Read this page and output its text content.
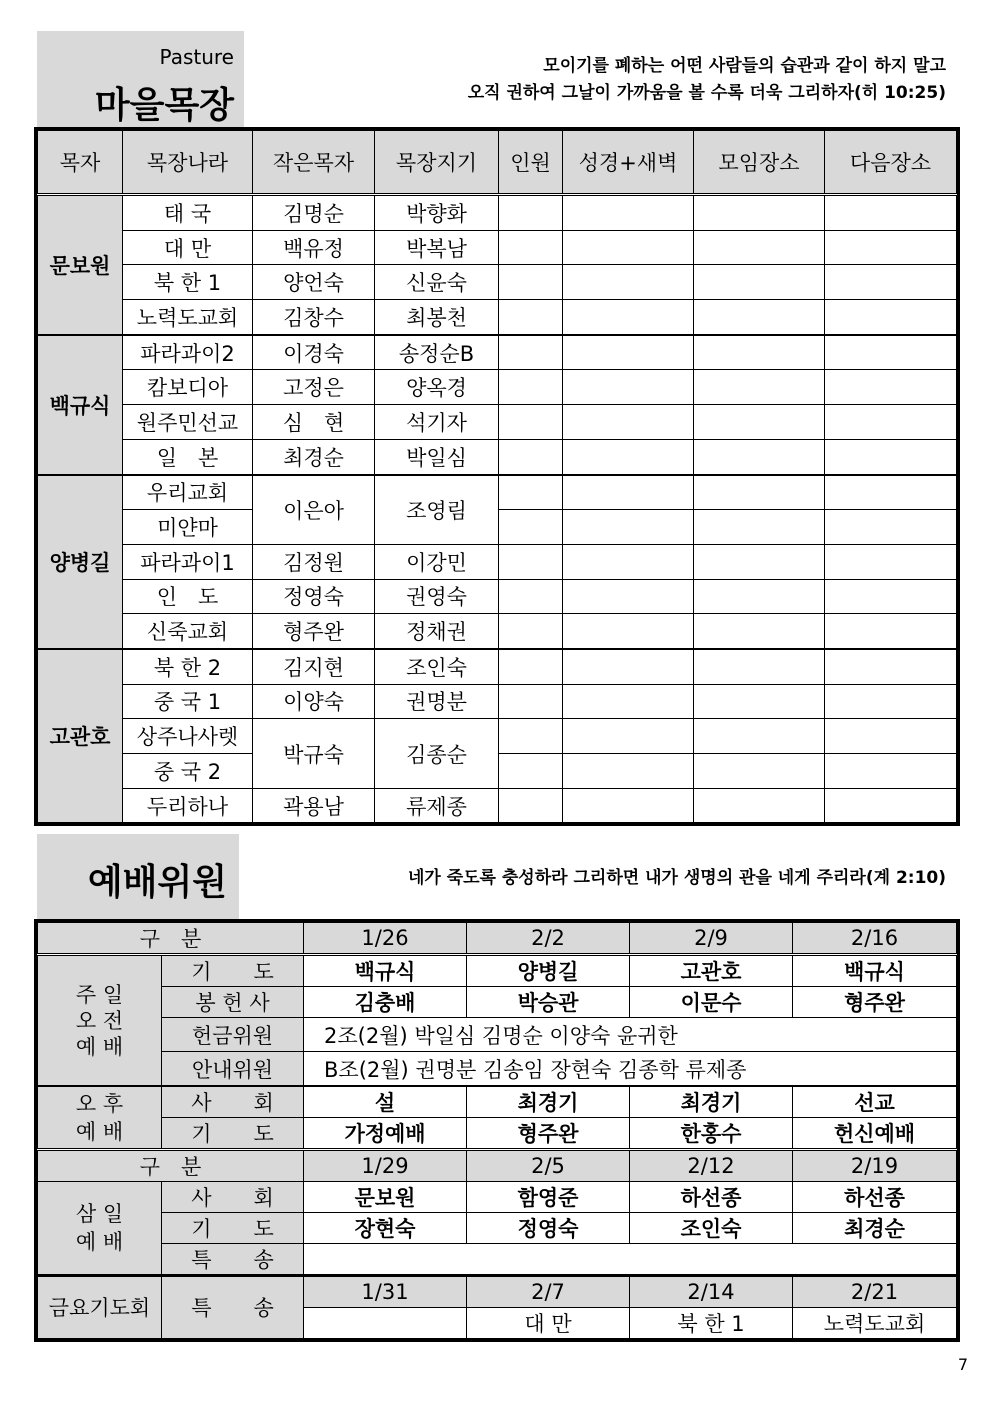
Pasture
마을목장
모이기를 폐하는 어떤 사람들의 습관과 같이 하지 말고
오직 권하여 그날이 가까움을 볼 수록 더욱 그리하자(히 10:25)
목자	목장나라	작은목자	목장지기	인원	성경+새벽	모임장소	다음장소
문보원	태 국	김명순	박향화				
	대 만	백유정	박복남				
	북 한 1	양언숙	신윤숙				
	노력도교회	김창수	최봉천				
백규식	파라과이2	이경숙	송정순B				
	캄보디아	고정은	양옥경				
	원주민선교	심　현	석기자				
	일　본	최경순	박일심				
양병길	우리교회	이은아	조영림				
	미얀마						
	파라과이1	김정원	이강민				
	인　도	정영숙	권영숙				
	신죽교회	형주완	정채권				
고관호	북 한 2	김지현	조인숙				
	중 국 1	이양숙	권명분				
	상주나사렛	박규숙	김종순				
	중 국 2						
	두리하나	곽용남	류제종				
예배위원	네가 죽도록 충성하라 그리하면 내가 생명의 관을 네게 주리라(계 2:10)
구　분		1/26	2/2	2/9	2/16
주 일
오 전
예 배	기　　도	백규식	양병길	고관호	백규식
	봉 헌 사	김충배	박승관	이문수	형주완
	헌금위원	2조(2월) 박일심 김명순 이양숙 윤귀한			
	안내위원	B조(2월) 권명분 김송임 장현숙 김종학 류제종			
오 후
예 배	사　　회	설	최경기	최경기	선교
	기　　도	가정예배	형주완	한홍수	헌신예배
구　분		1/29	2/5	2/12	2/19
삼 일
예 배	사　　회	문보원	함영준	하선종	하선종
	기　　도	장현숙	정영숙	조인숙	최경순
	특　　송				
금요기도회	특　　송	1/31	2/7	2/14	2/21
			대 만	북 한 1	노력도교회
7
